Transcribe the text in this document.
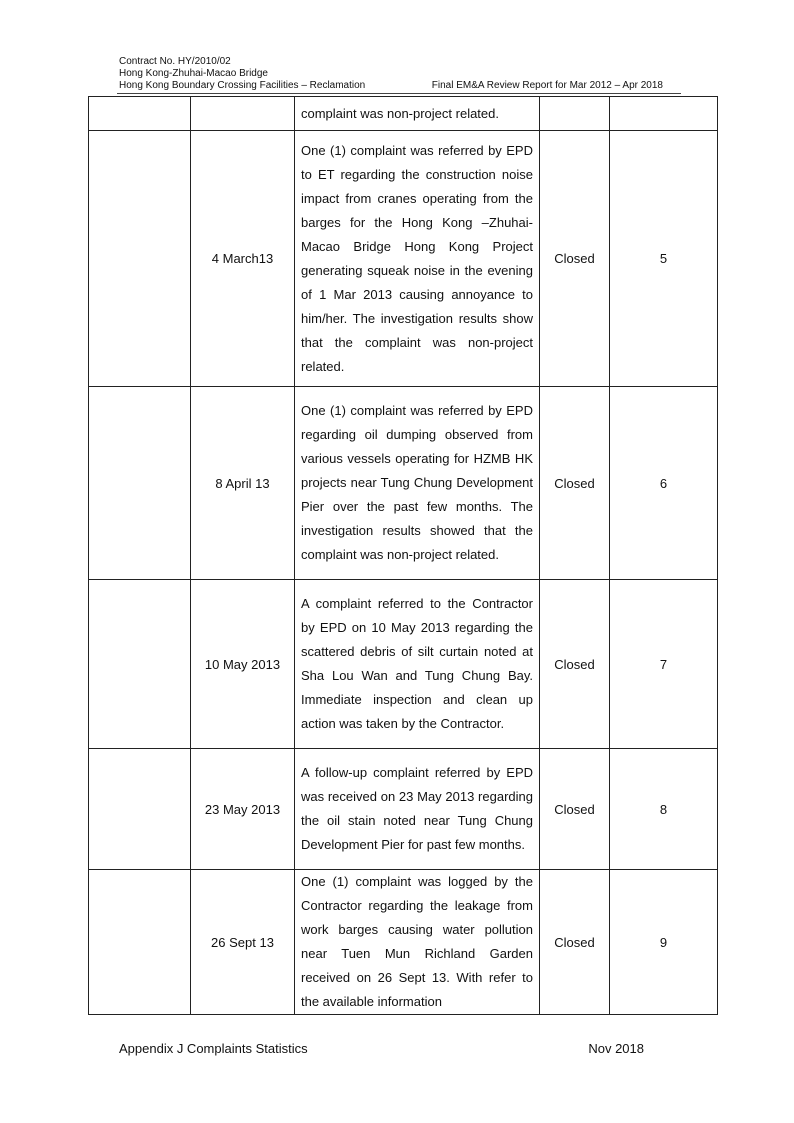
Contract No. HY/2010/02
Hong Kong-Zhuhai-Macao Bridge
Hong Kong Boundary Crossing Facilities – Reclamation	Final EM&A Review Report for Mar 2012 – Apr 2018

		complaint was non-project related.		

	4 March13	One (1) complaint was referred by EPD to ET regarding the construction noise impact from cranes operating from the barges for the Hong Kong –Zhuhai-Macao Bridge Hong Kong Project generating squeak noise in the evening of 1 Mar 2013 causing annoyance to him/her. The investigation results show that the complaint was non-project related.	Closed	5
	8 April 13	One (1) complaint was referred by EPD regarding oil dumping observed from various vessels operating for HZMB HK projects near Tung Chung Development Pier over the past few months. The investigation results showed that the complaint was non-project related.	Closed	6
	10 May 2013	A complaint referred to the Contractor by EPD on 10 May 2013 regarding the scattered debris of silt curtain noted at Sha Lou Wan and Tung Chung Bay. Immediate inspection and clean up action was taken by the Contractor.	Closed	7
	23 May 2013	A follow-up complaint referred by EPD was received on 23 May 2013 regarding the oil stain noted near Tung Chung Development Pier for past few months.	Closed	8
	26 Sept 13	One (1) complaint was logged by the Contractor regarding the leakage from work barges causing water pollution near Tuen Mun Richland Garden received on 26 Sept 13. With refer to the available information	Closed	9
Appendix J Complaints Statistics	Nov 2018
